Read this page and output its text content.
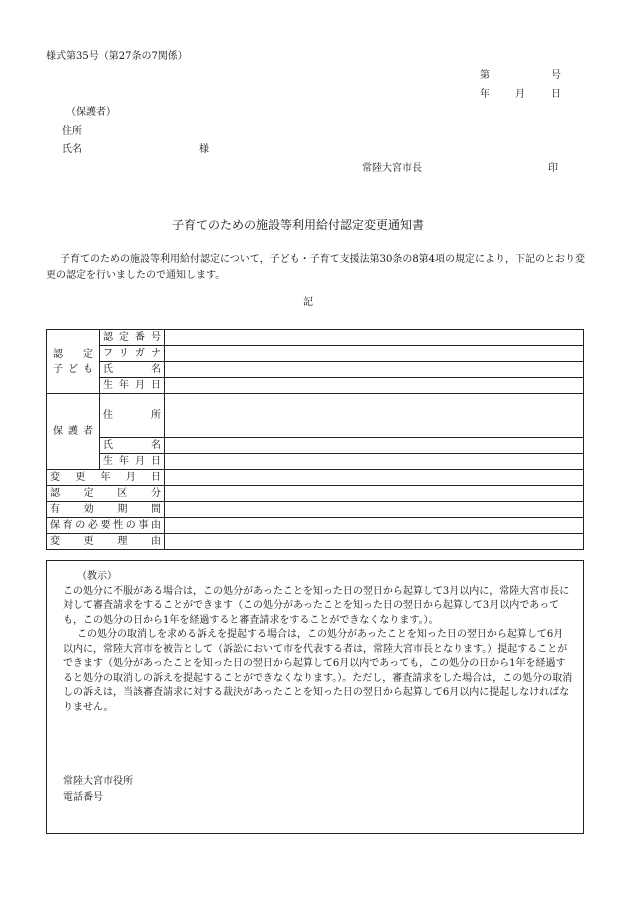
様式第35号（第27条の7関係）
第	号
年	月	日
（保護者）
住所
氏名	様
常陸大宮市長	印
子育てのための施設等利用給付認定変更通知書
子育てのための施設等利用給付認定について，子ども・子育て支援法第30条の8第4項の規定により，下記のとおり変更の認定を行いましたので通知します。
記
認　　定 子ども	認定番号	
	フリガナ	
	氏　　名	
	生年月日	

保護者	住　　所	
	氏　　名	
	生年月日	
変更年月日		
認定区分		
有効期間		
保育の必要性の事由		
変更理由		

（教示）

この処分に不服がある場合は，この処分があったことを知った日の翌日から起算して3月以内に，常陸大宮市長に対して審査請求をすることができます（この処分があったことを知った日の翌日から起算して3月以内であっても，この処分の日から1年を経過すると審査請求をすることができなくなります。）。

この処分の取消しを求める訴えを提起する場合は，この処分があったことを知った日の翌日から起算して6月以内に，常陸大宮市を被告として（訴訟において市を代表する者は，常陸大宮市長となります。）提起することができます（処分があったことを知った日の翌日から起算して6月以内であっても，この処分の日から1年を経過すると処分の取消しの訴えを提起することができなくなります。）。ただし，審査請求をした場合は，この処分の取消しの訴えは，当該審査請求に対する裁決があったことを知った日の翌日から起算して6月以内に提起しなければなりません。

常陸大宮市役所
電話番号
